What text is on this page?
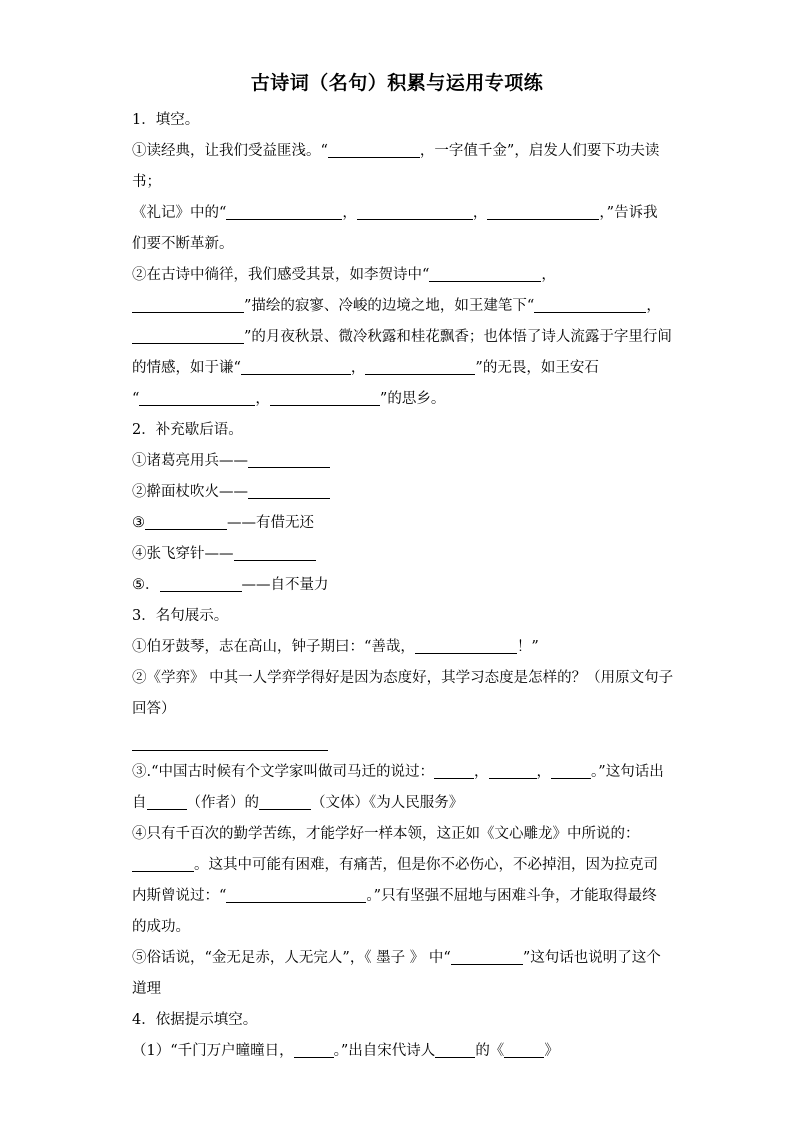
古诗词（名句）积累与运用专项练
1．填空。
①读经典，让我们受益匪浅。“	，一字值千金”，启发人们要下功夫读
书；
《礼记》中的“	，	，	，”告诉我
们要不断革新。
②在古诗中徜徉，我们感受其景，如李贺诗中“	，
”描绘的寂寥、冷峻的边境之地，如王建笔下“	，
”的月夜秋景、微冷秋露和桂花飘香；也体悟了诗人流露于字里行间
的情感，如于谦“	，	”的无畏，如王安石
“	，	”的思乡。
2．补充歇后语。
①诸葛亮用兵——
②擀面杖吹火——
③	——有借无还
④张飞穿针——
⑤．	——自不量力
3．名句展示。
①伯牙鼓琴，志在高山，钟子期曰：“善哉，	！”
②《学弈》 中其一人学弈学得好是因为态度好，其学习态度是怎样的？（用原文句子
回答）
③.“中国古时候有个文学家叫做司马迁的说过：	，	，	。”这句话出
自	（作者）的	（文体）《为人民服务》
④只有千百次的勤学苦练，才能学好一样本领，这正如《文心雕龙》中所说的：
。这其中可能有困难，有痛苦，但是你不必伤心，不必掉泪，因为拉克司
内斯曾说过：“	。”只有坚强不屈地与困难斗争，才能取得最终
的成功。
⑤俗话说，“金无足赤，人无完人”，《 墨子 》 中“	”这句话也说明了这个
道理
4．依据提示填空。
（1）“千门万户曈曈日，	。”出自宋代诗人	的《	》
